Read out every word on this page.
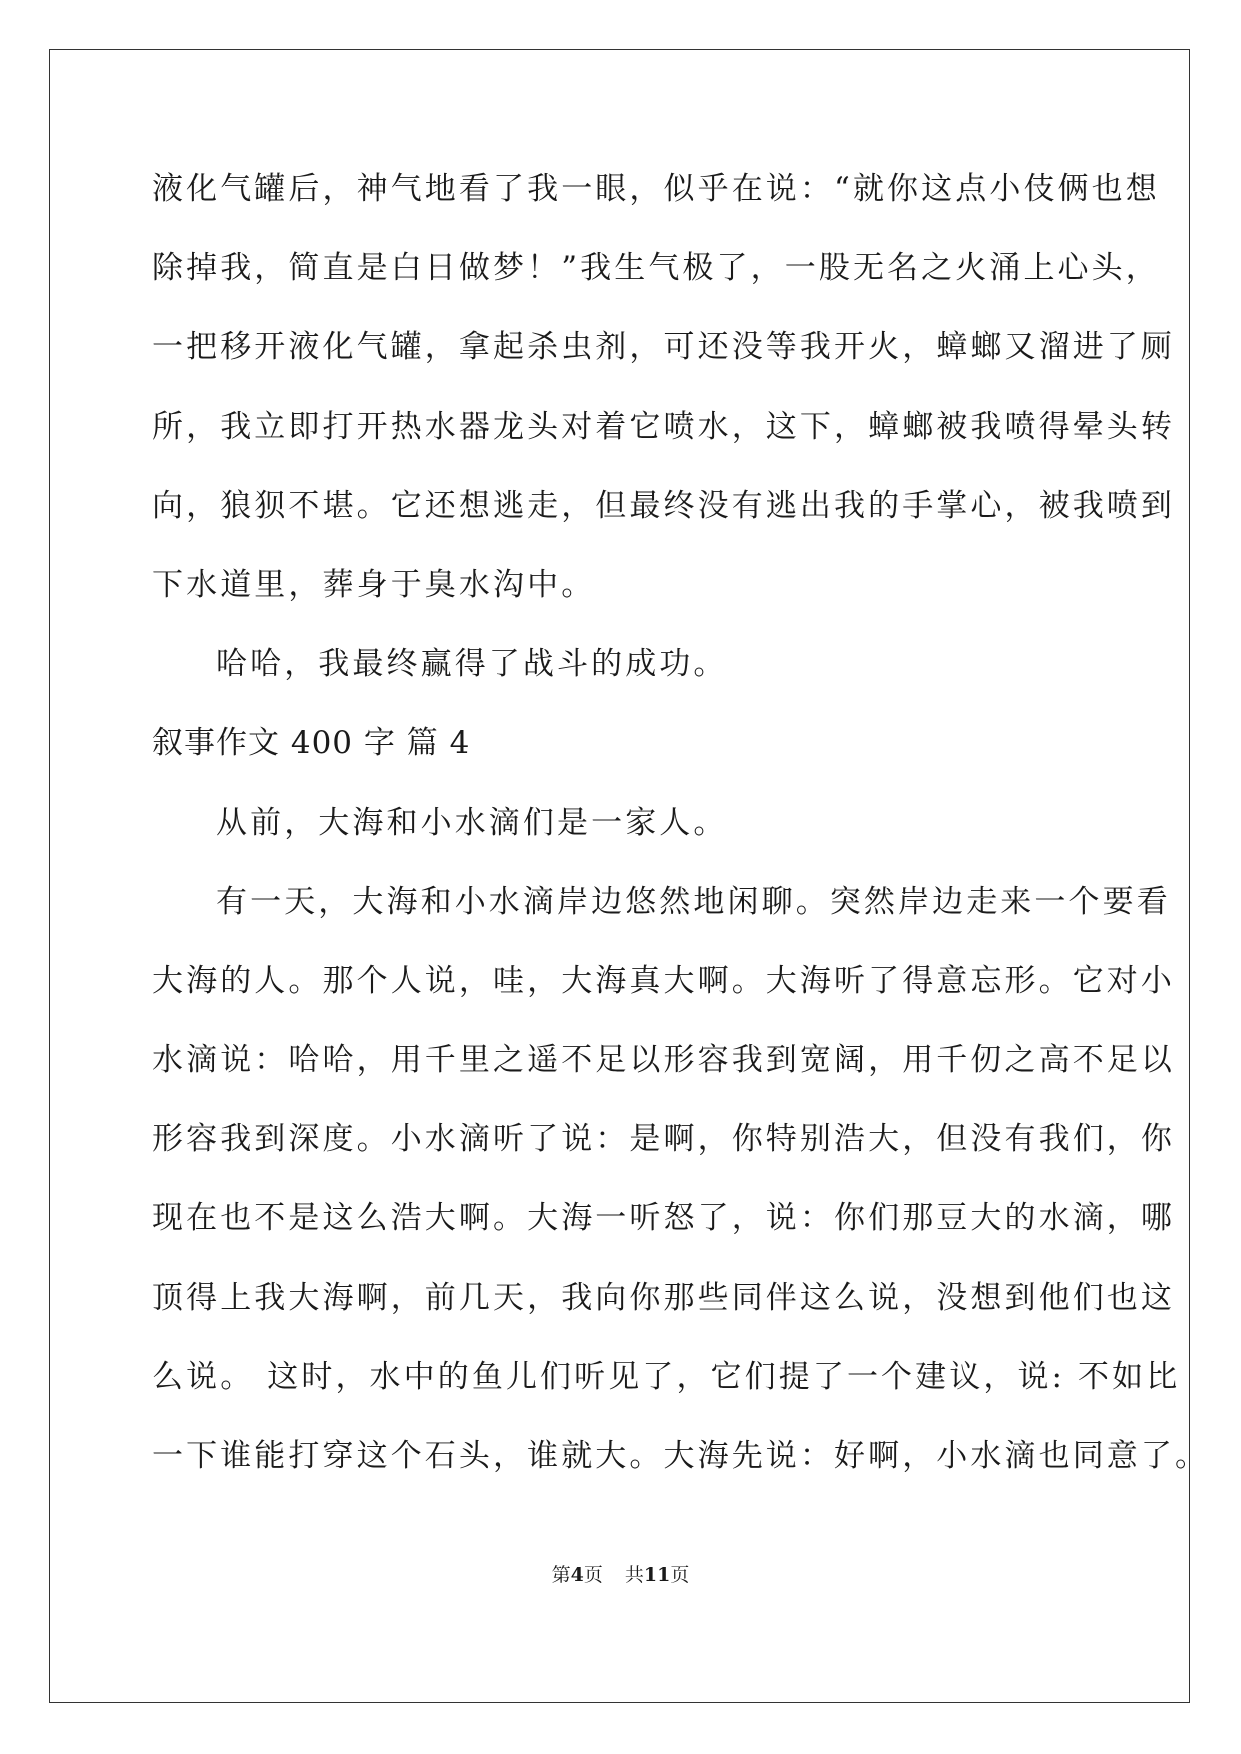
液化气罐后，神气地看了我一眼，似乎在说：“就你这点小伎俩也想
除掉我，简直是白日做梦！”我生气极了，一股无名之火涌上心头，
一把移开液化气罐，拿起杀虫剂，可还没等我开火，蟑螂又溜进了厕
所，我立即打开热水器龙头对着它喷水，这下，蟑螂被我喷得晕头转
向，狼狈不堪。它还想逃走，但最终没有逃出我的手掌心，被我喷到
下水道里，葬身于臭水沟中。
哈哈，我最终赢得了战斗的成功。
叙事作文 400 字 篇 4
从前，大海和小水滴们是一家人。
有一天，大海和小水滴岸边悠然地闲聊。突然岸边走来一个要看
大海的人。那个人说，哇，大海真大啊。大海听了得意忘形。它对小
水滴说：哈哈，用千里之遥不足以形容我到宽阔，用千仞之高不足以
形容我到深度。小水滴听了说：是啊，你特别浩大，但没有我们，你
现在也不是这么浩大啊。大海一听怒了，说：你们那豆大的水滴，哪
顶得上我大海啊，前几天，我向你那些同伴这么说，没想到他们也这
么说。 这时，水中的鱼儿们听见了，它们提了一个建议，说: 不如比
一下谁能打穿这个石头，谁就大。大海先说：好啊，小水滴也同意了。
第4页 共11页
